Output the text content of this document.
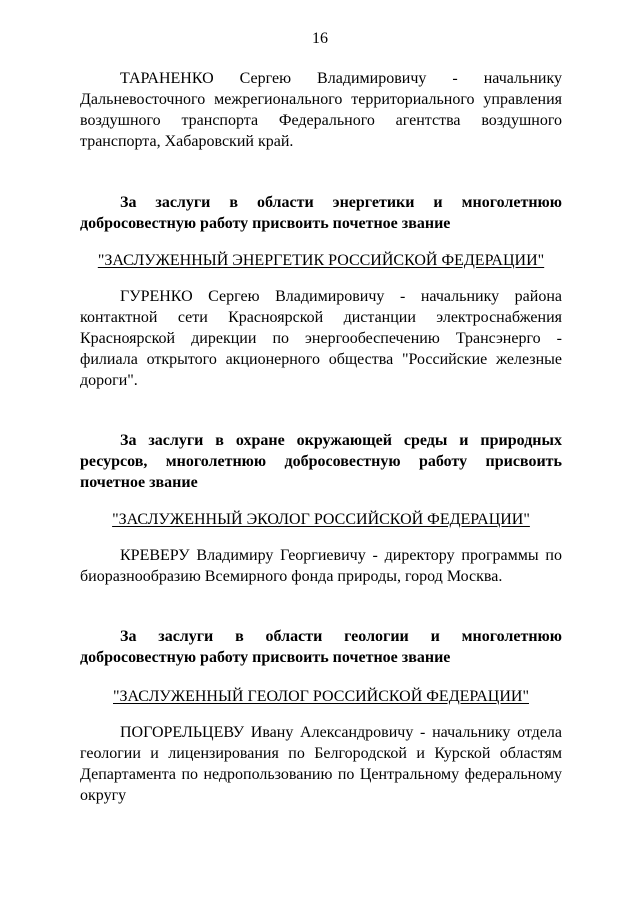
16

ТАРАНЕНКО Сергею Владимировичу - начальнику Дальневосточного межрегионального территориального управления воздушного транспорта Федерального агентства воздушного транспорта, Хабаровский край.

За заслуги в области энергетики и многолетнюю добросовестную работу присвоить почетное звание

"ЗАСЛУЖЕННЫЙ ЭНЕРГЕТИК РОССИЙСКОЙ ФЕДЕРАЦИИ"

ГУРЕНКО Сергею Владимировичу - начальнику района контактной сети Красноярской дистанции электроснабжения Красноярской дирекции по энергообеспечению Трансэнерго - филиала открытого акционерного общества "Российские железные дороги".

За заслуги в охране окружающей среды и природных ресурсов, многолетнюю добросовестную работу присвоить почетное звание

"ЗАСЛУЖЕННЫЙ ЭКОЛОГ РОССИЙСКОЙ ФЕДЕРАЦИИ"

КРЕВЕРУ Владимиру Георгиевичу - директору программы по биоразнообразию Всемирного фонда природы, город Москва.

За заслуги в области геологии и многолетнюю добросовестную работу присвоить почетное звание

"ЗАСЛУЖЕННЫЙ ГЕОЛОГ РОССИЙСКОЙ ФЕДЕРАЦИИ"

ПОГОРЕЛЬЦЕВУ Ивану Александровичу - начальнику отдела геологии и лицензирования по Белгородской и Курской областям Департамента по недропользованию по Центральному федеральному округу
